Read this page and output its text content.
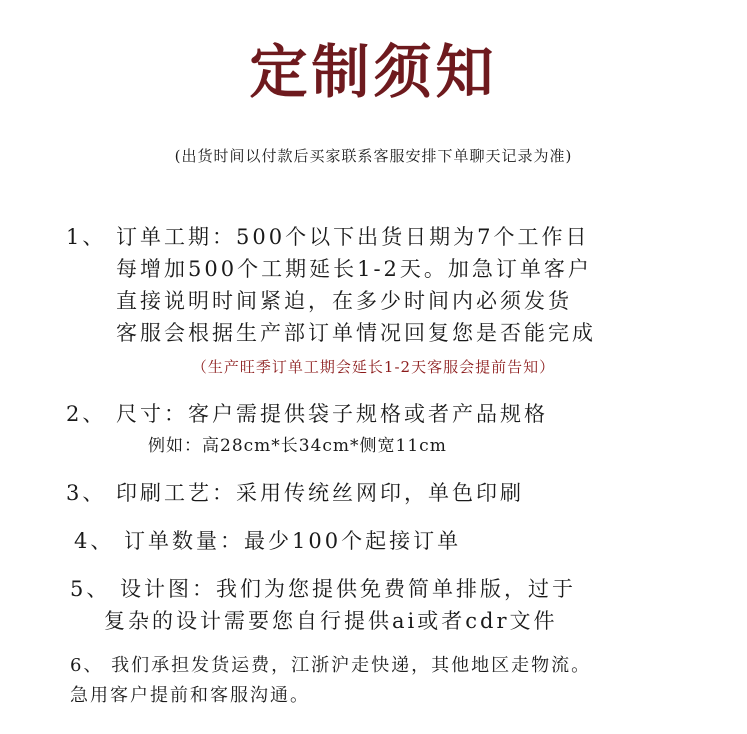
定制须知
(出货时间以付款后买家联系客服安排下单聊天记录为准)
1、 订单工期：500个以下出货日期为7个工作日
每增加500个工期延长1-2天。加急订单客户
直接说明时间紧迫，在多少时间内必须发货
客服会根据生产部订单情况回复您是否能完成
（生产旺季订单工期会延长1-2天客服会提前告知）
2、 尺寸：客户需提供袋子规格或者产品规格
例如：高28cm*长34cm*侧宽11cm
3、 印刷工艺：采用传统丝网印，单色印刷
4、 订单数量：最少100个起接订单
5、 设计图：我们为您提供免费简单排版，过于
复杂的设计需要您自行提供ai或者cdr文件
6、 我们承担发货运费，江浙沪走快递，其他地区走物流。
急用客户提前和客服沟通。
